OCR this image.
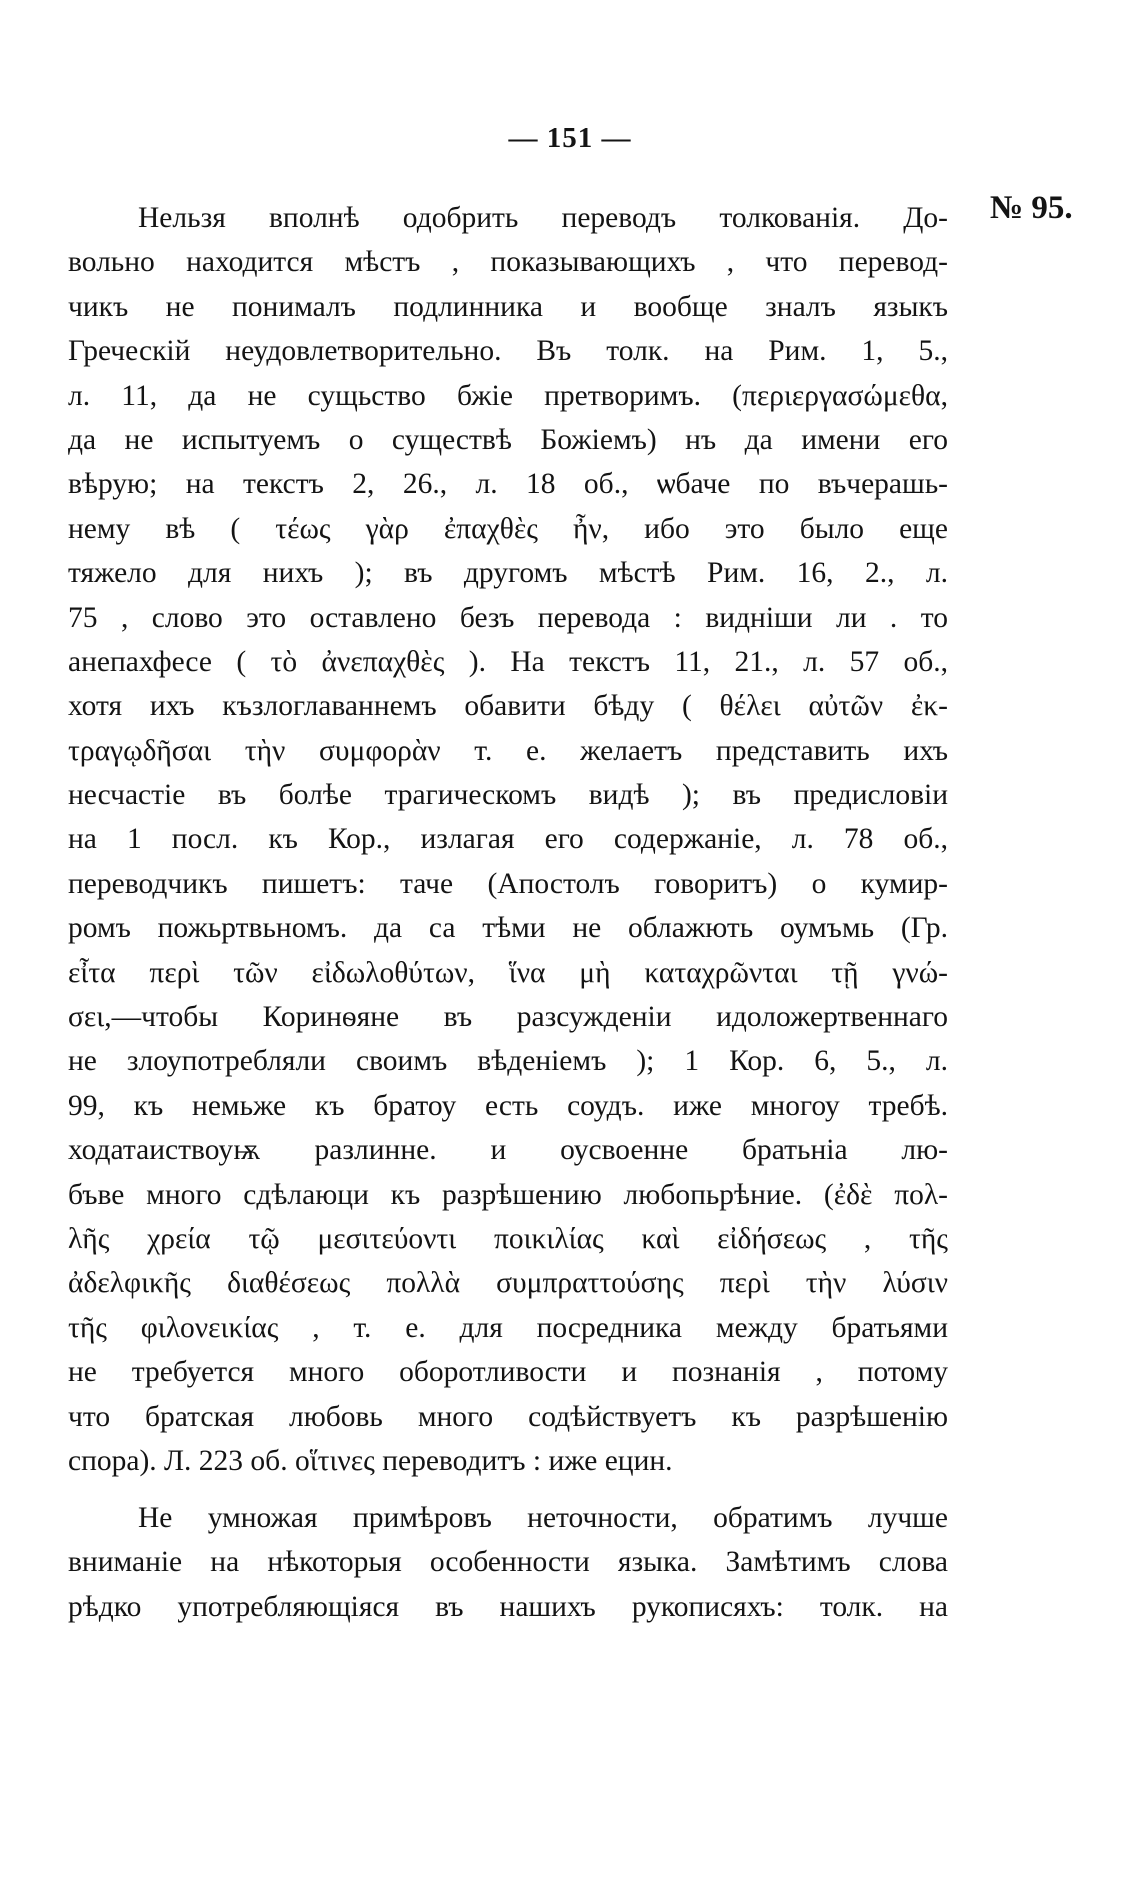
— 151 —
№ 95.
Нельзя вполнѣ одобрить переводъ толкованія. До-
вольно находится мѣстъ , показывающихъ , что перевод-
чикъ не понималъ подлинника и вообще зналъ языкъ
Греческій неудовлетворительно. Въ толк. на Рим. 1, 5.,
л. 11, да не сущьство бжіе претворимъ. (περιεργασώμεθα,
да не испытуемъ о существѣ Божіемъ) нъ да имени его
вѣрую; на текстъ 2, 26., л. 18 об., ѡбаче по въчерашь-
нему вѣ ( τέως γὰρ ἐπαχθὲς ἦν, ибо это было еще
тяжело для нихъ ); въ другомъ мѣстѣ Рим. 16, 2., л.
75 , слово это оставлено безъ перевода : виднiши ли . то
анепахфесе ( τὸ ἀνεπαχθὲς ). На текстъ 11, 21., л. 57 об.,
хотя ихъ къзлоглаваннемъ обавити бѣду ( θέλει αὐτῶν ἐκ-
τραγῳδῆσαι τὴν συμφορὰν т. е. желаетъ представить ихъ
несчастіе въ болѣе трагическомъ видѣ ); въ предисловіи
на 1 посл. къ Кор., излагая его содержаніе, л. 78 об.,
переводчикъ пишетъ: таче (Апостолъ говоритъ) о кумир-
ромъ пожьртвьномъ. да са тѣми не облажють оумъмь (Гр.
εἶτα περὶ τῶν εἰδωλοθύτων, ἵνα μὴ καταχρῶνται τῇ γνώ-
σει,—чтобы Коринѳяне въ разсужденіи идоложертвеннаго
не злоупотребляли своимъ вѣденіемъ ); 1 Кор. 6, 5., л.
99, къ немьже къ братоу есть соудъ. иже многоу требѣ.
ходатаиствоуѭ разлинне. и оусвоенне братьнiа лю-
бъве много сдѣлаюци къ разрѣшению любопьрѣние. (ἐδὲ πολ-
λῆς χρεία τῷ μεσιτεύοντι ποικιλίας καὶ εἰδήσεως , τῆς
ἀδελφικῆς διαθέσεως πολλὰ συμπραττούσης περὶ τὴν λύσιν
τῆς φιλονεικίας , т. е. для посредника между братьями
не требуется много оборотливости и познанія , потому
что братская любовь много содѣйствуетъ къ разрѣшенію
спора). Л. 223 об. οἵτινες переводитъ : иже ецин.
Не умножая примѣровъ неточности, обратимъ лучше
вниманіе на нѣкоторыя особенности языка. Замѣтимъ слова
рѣдко употребляющіяся въ нашихъ рукописяхъ: толк. на
